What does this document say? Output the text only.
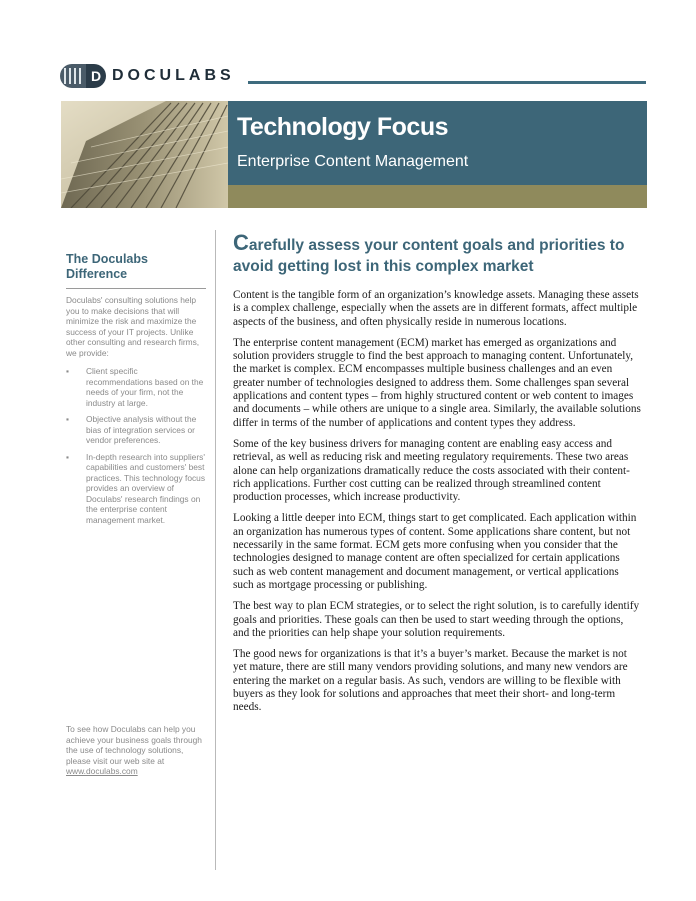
D DOCULABS
Technology Focus
Enterprise Content Management
The Doculabs Difference

Doculabs' consulting solutions help you to make decisions that will minimize the risk and maximize the success of your IT projects. Unlike other consulting and research firms, we provide:

▪ Client specific recommendations based on the needs of your firm, not the industry at large.
▪ Objective analysis without the bias of integration services or vendor preferences.
▪ In-depth research into suppliers' capabilities and customers' best practices. This technology focus provides an overview of Doculabs' research findings on the enterprise content management market.
To see how Doculabs can help you achieve your business goals through the use of technology solutions, please visit our web site at www.doculabs.com
Carefully assess your content goals and priorities to avoid getting lost in this complex market

Content is the tangible form of an organization’s knowledge assets. Managing these assets is a complex challenge, especially when the assets are in different formats, affect multiple aspects of the business, and often physically reside in numerous locations.

The enterprise content management (ECM) market has emerged as organizations and solution providers struggle to find the best approach to managing content. Unfortunately, the market is complex. ECM encompasses multiple business challenges and an even greater number of technologies designed to address them. Some challenges span several applications and content types – from highly structured content or web content to images and documents – while others are unique to a single area. Similarly, the available solutions differ in terms of the number of applications and content types they address.

Some of the key business drivers for managing content are enabling easy access and retrieval, as well as reducing risk and meeting regulatory requirements. These two areas alone can help organizations dramatically reduce the costs associated with their content-rich applications. Further cost cutting can be realized through streamlined content production processes, which increase productivity.

Looking a little deeper into ECM, things start to get complicated. Each application within an organization has numerous types of content. Some applications share content, but not necessarily in the same format. ECM gets more confusing when you consider that the technologies designed to manage content are often specialized for certain applications such as web content management and document management, or vertical applications such as mortgage processing or publishing.

The best way to plan ECM strategies, or to select the right solution, is to carefully identify goals and priorities. These goals can then be used to start weeding through the options, and the priorities can help shape your solution requirements.

The good news for organizations is that it’s a buyer’s market. Because the market is not yet mature, there are still many vendors providing solutions, and many new vendors are entering the market on a regular basis. As such, vendors are willing to be flexible with buyers as they look for solutions and approaches that meet their short- and long-term needs.
